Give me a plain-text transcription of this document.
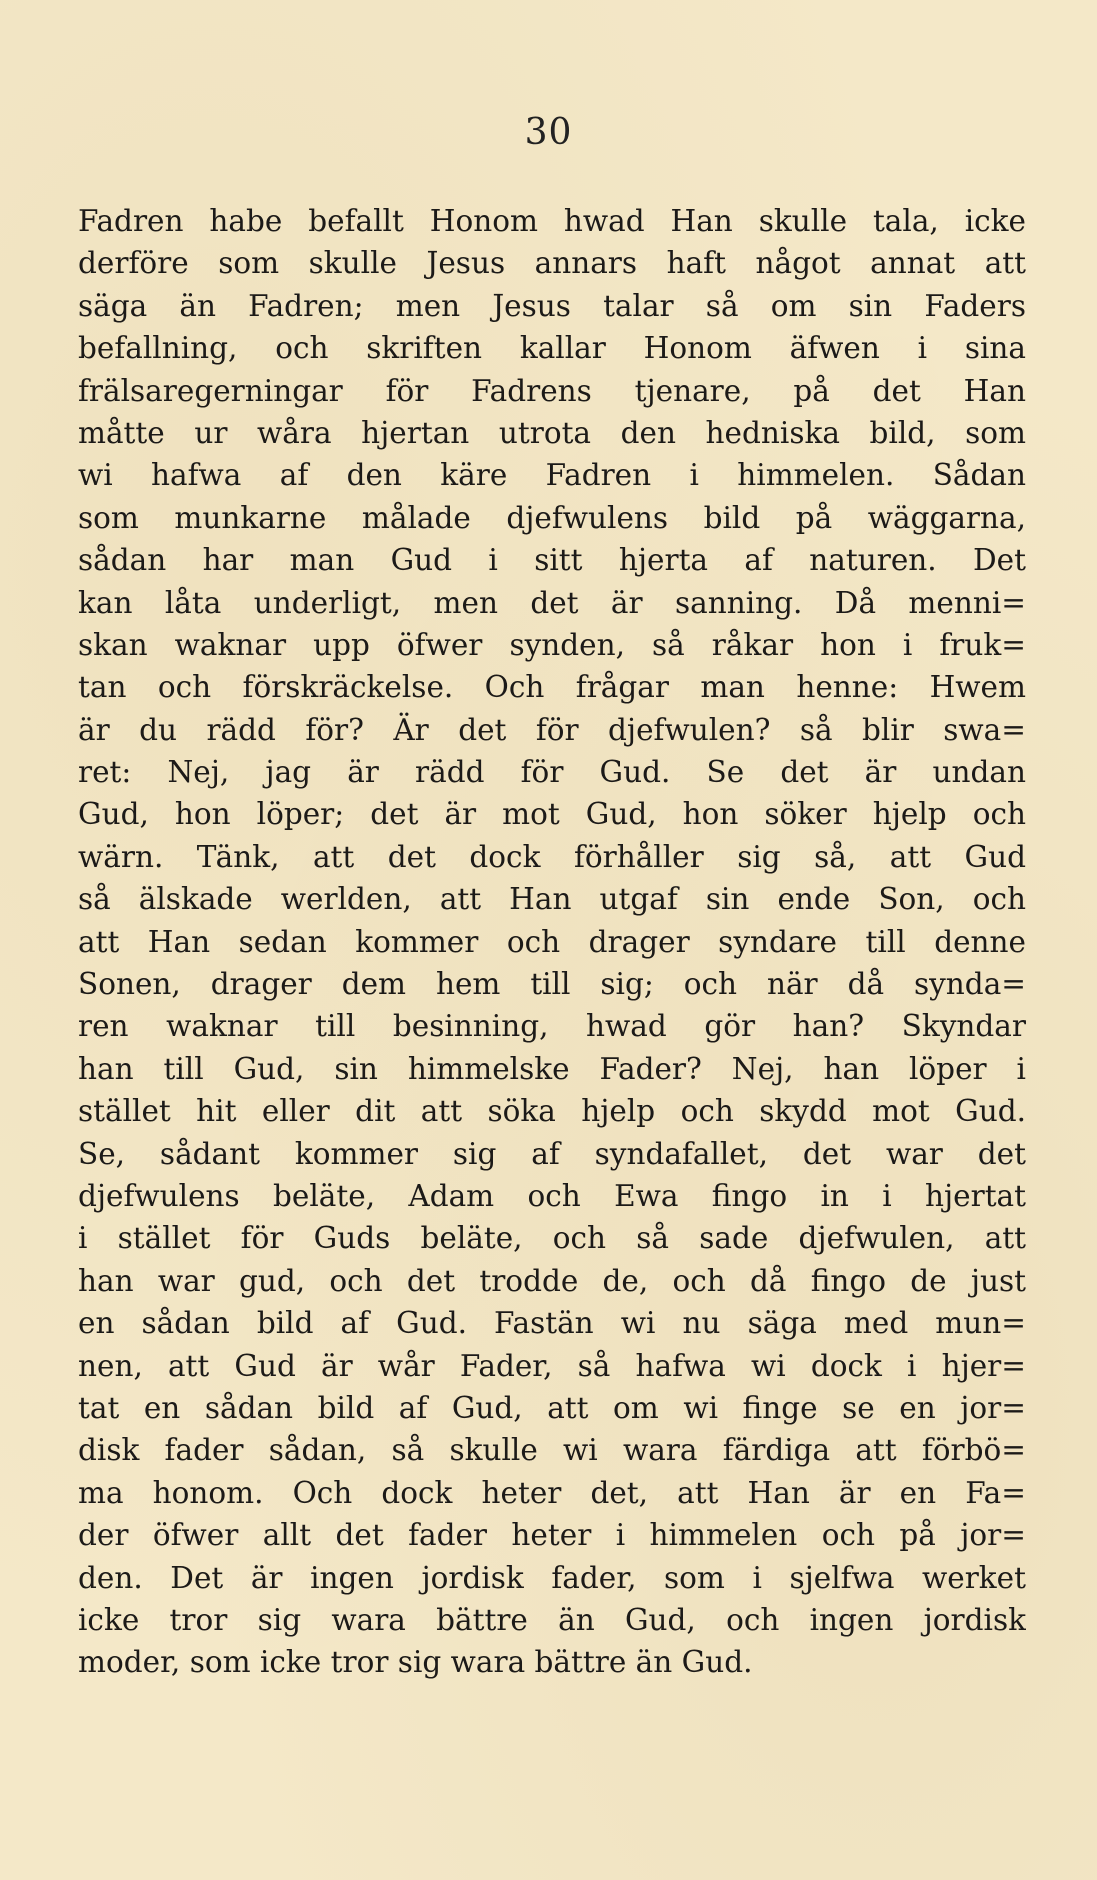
30
Fadren habe befallt Honom hwad Han skulle tala, icke
derföre som skulle Jesus annars haft något annat att
säga än Fadren; men Jesus talar så om sin Faders
befallning, och skriften kallar Honom äfwen i sina
frälsaregerningar för Fadrens tjenare, på det Han
måtte ur wåra hjertan utrota den hedniska bild, som
wi hafwa af den käre Fadren i himmelen. Sådan
som munkarne målade djefwulens bild på wäggarna,
sådan har man Gud i sitt hjerta af naturen. Det
kan låta underligt, men det är sanning. Då menni=
skan waknar upp öfwer synden, så råkar hon i fruk=
tan och förskräckelse. Och frågar man henne: Hwem
är du rädd för? Är det för djefwulen? så blir swa=
ret: Nej, jag är rädd för Gud. Se det är undan
Gud, hon löper; det är mot Gud, hon söker hjelp och
wärn. Tänk, att det dock förhåller sig så, att Gud
så älskade werlden, att Han utgaf sin ende Son, och
att Han sedan kommer och drager syndare till denne
Sonen, drager dem hem till sig; och när då synda=
ren waknar till besinning, hwad gör han? Skyndar
han till Gud, sin himmelske Fader? Nej, han löper i
stället hit eller dit att söka hjelp och skydd mot Gud.
Se, sådant kommer sig af syndafallet, det war det
djefwulens beläte, Adam och Ewa fingo in i hjertat
i stället för Guds beläte, och så sade djefwulen, att
han war gud, och det trodde de, och då fingo de just
en sådan bild af Gud. Fastän wi nu säga med mun=
nen, att Gud är wår Fader, så hafwa wi dock i hjer=
tat en sådan bild af Gud, att om wi finge se en jor=
disk fader sådan, så skulle wi wara färdiga att förbö=
ma honom. Och dock heter det, att Han är en Fa=
der öfwer allt det fader heter i himmelen och på jor=
den. Det är ingen jordisk fader, som i sjelfwa werket
icke tror sig wara bättre än Gud, och ingen jordisk
moder, som icke tror sig wara bättre än Gud.
